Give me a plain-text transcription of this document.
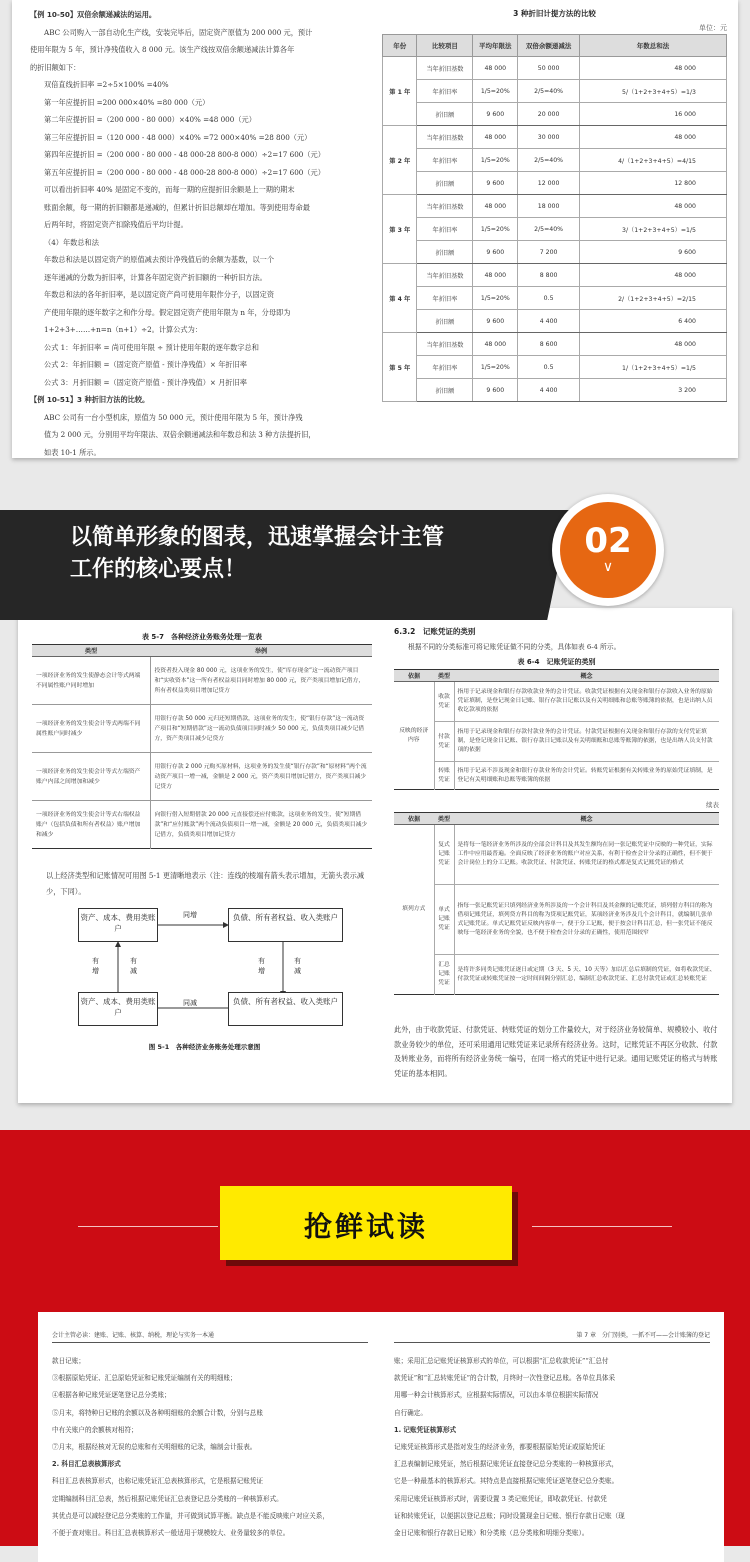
【例 10-50】双倍余额递减法的运用。

ABC 公司购入一部自动化生产线，安装完毕后，固定资产原值为 200 000 元，预计

使用年限为 5 年，预计净残值收入 8 000 元。该生产线按双倍余额递减法计算各年

的折旧额如下：

双倍直线折旧率 =2÷5×100% =40%

第一年应提折旧 =200 000×40% =80 000（元）

第二年应提折旧 =（200 000 - 80 000）×40% =48 000（元）

第三年应提折旧 =（120 000 - 48 000）×40% =72 000×40% =28 800（元）

第四年应提折旧 =（200 000 - 80 000 - 48 000-28 800-8 000）÷2=17 600（元）

第五年应提折旧 =（200 000 - 80 000 - 48 000-28 800-8 000）÷2=17 600（元）

可以看出折旧率 40% 是固定不变的，而每一期的应提折旧余额是上一期的期末

账面余额，每一期的折旧额都是递减的，但累计折旧总额却在增加。等到使用寿命最

后两年时，将固定资产扣除残值后平均计提。

（4）年数总和法

年数总和法是以固定资产的原值减去预计净残值后的余额为基数，以一个

逐年递减的分数为折旧率，计算各年固定资产折旧额的一种折旧方法。

年数总和法的各年折旧率，是以固定资产尚可使用年限作分子，以固定资

产使用年限的逐年数字之和作分母。假定固定资产使用年限为 n 年，分母即为

1+2+3+……+n=n（n+1）÷2。计算公式为：

公式 1：年折旧率 = 尚可使用年限 ÷ 预计使用年限的逐年数字总和

公式 2：年折旧额 =（固定资产原值 - 预计净残值）× 年折旧率

公式 3：月折旧额 =（固定资产原值 - 预计净残值）× 月折旧率

【例 10-51】3 种折旧方法的比较。

ABC 公司有一台小型机床，原值为 50 000 元，预计使用年限为 5 年，预计净残

值为 2 000 元，分别用平均年限法、双倍余额递减法和年数总和法 3 种方法提折旧，

如表 10-1 所示。

3 种折旧计提方法的比较
单位：元
年份	比较项目	平均年限法	双倍余额递减法	年数总和法
第 1 年	当年折旧基数	48 000	50 000	48 000
	年折旧率	1/5=20%	2/5=40%	5/（1+2+3+4+5）=1/3
	折旧额	9 600	20 000	16 000
第 2 年	当年折旧基数	48 000	30 000	48 000
	年折旧率	1/5=20%	2/5=40%	4/（1+2+3+4+5）=4/15
	折旧额	9 600	12 000	12 800
第 3 年	当年折旧基数	48 000	18 000	48 000
	年折旧率	1/5=20%	2/5=40%	3/（1+2+3+4+5）=1/5
	折旧额	9 600	7 200	9 600
第 4 年	当年折旧基数	48 000	8 800	48 000
	年折旧率	1/5=20%	0.5	2/（1+2+3+4+5）=2/15
	折旧额	9 600	4 400	6 400
第 5 年	当年折旧基数	48 000	8 600	48 000
	年折旧率	1/5=20%	0.5	1/（1+2+3+4+5）=1/5
	折旧额	9 600	4 400	3 200
表 5-7　各种经济业务账务处理一览表
类型	举例
一项经济业务的发生使静态会计等式两端不同属性账户同时增加	投资者投入现金 80 000 元，这项业务的发生，使“库存现金”这一流动资产项目和“实收资本”这一所有者权益项目同时增加 80 000 元，资产类项目增加记借方，所有者权益类项目增加记贷方
一项经济业务的发生使会计等式两端不同属性账户同时减少	用银行存款 50 000 元归还短期借款，这项业务的发生，使“银行存款”这一流动资产项目和“短期借款”这一流动负债项目同时减少 50 000 元，负债类项目减少记借方，资产类项目减少记贷方
一项经济业务的发生使会计等式左端资产账户内部之间增加和减少	用银行存款 2 000 元购买原材料，这项业务的发生使“银行存款”和“原材料”两个流动资产项目一增一减，金额是 2 000 元，资产类项目增加记借方，资产类项目减少记贷方
一项经济业务的发生使会计等式右端权益账户（包括负债和所有者权益）账户增加和减少	向银行借入短期借款 20 000 元直接偿还应付账款，这项业务的发生，使“短期借款”和“应付账款”两个流动负债项目一增一减，金额是 20 000 元，负债类项目减少记借方，负债类项目增加记贷方
以上经济类型和记账情况可用图 5-1 更清晰地表示（注：连线的棱端有箭头表示增加，无箭头表示减少，下同）。
资产、成本、费用类账户
负债、所有者权益、收入类账户
资产、成本、费用类账户
负债、所有者权益、收入类账户
同增
同减
有增
有减
有增
有减
图 5-1　各种经济业务账务处理示意图
6.3.2　记账凭证的类别
根据不同的分类标准可将记账凭证做不同的分类，具体如表 6-4 所示。
表 6-4　记账凭证的类别
依据	类型	概念
反映的经济内容	收款凭证	指用于记录现金和银行存款收款业务的会计凭证。收款凭证根据有关现金和银行存款收入业务的原始凭证填制，是登记现金日记账、银行存款日记账以及有关明细账和总账等账簿的依据，也是出纳人员收讫款项的依据
	付款凭证	指用于记录现金和银行存款付款业务的会计凭证。付款凭证根据有关现金和银行存款的支付凭证填制，是登记现金日记账、银行存款日记账以及有关明细账和总账等账簿的依据，也是出纳人员支付款项的依据
	转账凭证	指用于记录不涉及现金和银行存款业务的会计凭证。转账凭证根据有关转账业务的原始凭证填制，是登记有关明细账和总账等账簿的依据
续表
依据	类型	概念
填列方式	复式记账凭证	是将每一笔经济业务所涉及的全部会计科目及其发生额均在同一张记账凭证中反映的一种凭证，实际工作中应用最普遍。全面反映了经济业务的账户对应关系，有利于检查会计分录的正确性，但不便于会计岗位上的分工记账。收款凭证、付款凭证、转账凭证的格式都是复式记账凭证的格式
	单式记账凭证	指每一张记账凭证只填列经济业务所涉及的一个会计科目及其金额的记账凭证，填列借方科目的称为借项记账凭证，填列贷方科目的称为贷项记账凭证，某项经济业务涉及几个会计科目，就编制几张单式记账凭证。单式记账凭证反映内容单一，便于分工记账，便于按会计科目汇总，但一张凭证不能反映每一笔经济业务的全貌，也不便于检查会计分录的正确性，使用范围较窄
	汇总记账凭证	是将许多同类记账凭证逐日或定期（3 天、5 天、10 天等）加以汇总后填制的凭证，如将收款凭证、付款凭证或转账凭证按一定时间间隔分别汇总，编制汇总收款凭证、汇总付款凭证或汇总转账凭证
此外，由于收款凭证、付款凭证、转账凭证的划分工作量较大，对于经济业务较简单、规模较小、收付款业务较少的单位，还可采用通用记账凭证来记录所有经济业务。这时，记账凭证不再区分收款、付款及转账业务，而将所有经济业务统一编号，在同一格式的凭证中进行记录。通用记账凭证的格式与转账凭证的基本相同。
以简单形象的图表，迅速掌握会计主管
工作的核心要点！
02
∨
抢鲜试读
会计主管必读：建账、记账、核算、纳税，理论与实务一本通

款日记账；

③根据原始凭证、汇总原始凭证和记账凭证编制有关的明细账；

④根据各种记账凭证逐笔登记总分类账；

⑤月末，将特种日记账的余额以及各种明细账的余额合计数，分别与总账

中有关账户的余额核对相符；

⑦月末，根据经核对无误的总账和有关明细账的记录，编制会计报表。

2. 科目汇总表核算形式

科目汇总表核算形式，也称记账凭证汇总表核算形式，它是根据记账凭证

定期编制科目汇总表，然后根据记账凭证汇总表登记总分类账的一种核算形式。

其优点是可以减轻登记总分类账的工作量，并可做到试算平衡。缺点是不能反映账户对应关系，

不便于查对账目。科目汇总表核算形式一般适用于规模较大、业务量较多的单位。

第 7 章　分门别类，一抓不可——会计账簿的登记

账；采用汇总记账凭证核算形式的单位，可以根据“汇总收款凭证”“汇总付

款凭证”和“汇总转账凭证”的合计数，月终时一次性登记总账。各单位具体采

用哪一种会计核算形式，应根据实际情况，可以由本单位根据实际情况

自行确定。

1. 记账凭证核算形式

记账凭证核算形式是指对发生的经济业务，都要根据原始凭证或原始凭证

汇总表编制记账凭证，然后根据记账凭证直接登记总分类账的一种核算形式，

它是一种最基本的核算形式。其特点是直接根据记账凭证逐笔登记总分类账。

采用记账凭证核算形式时，需要设置 3 类记账凭证，即收款凭证、付款凭

证和转账凭证，以便据以登记总账；同时设置现金日记账、银行存款日记账（现

金日记账和银行存款日记账）和分类账（总分类账和明细分类账）。
